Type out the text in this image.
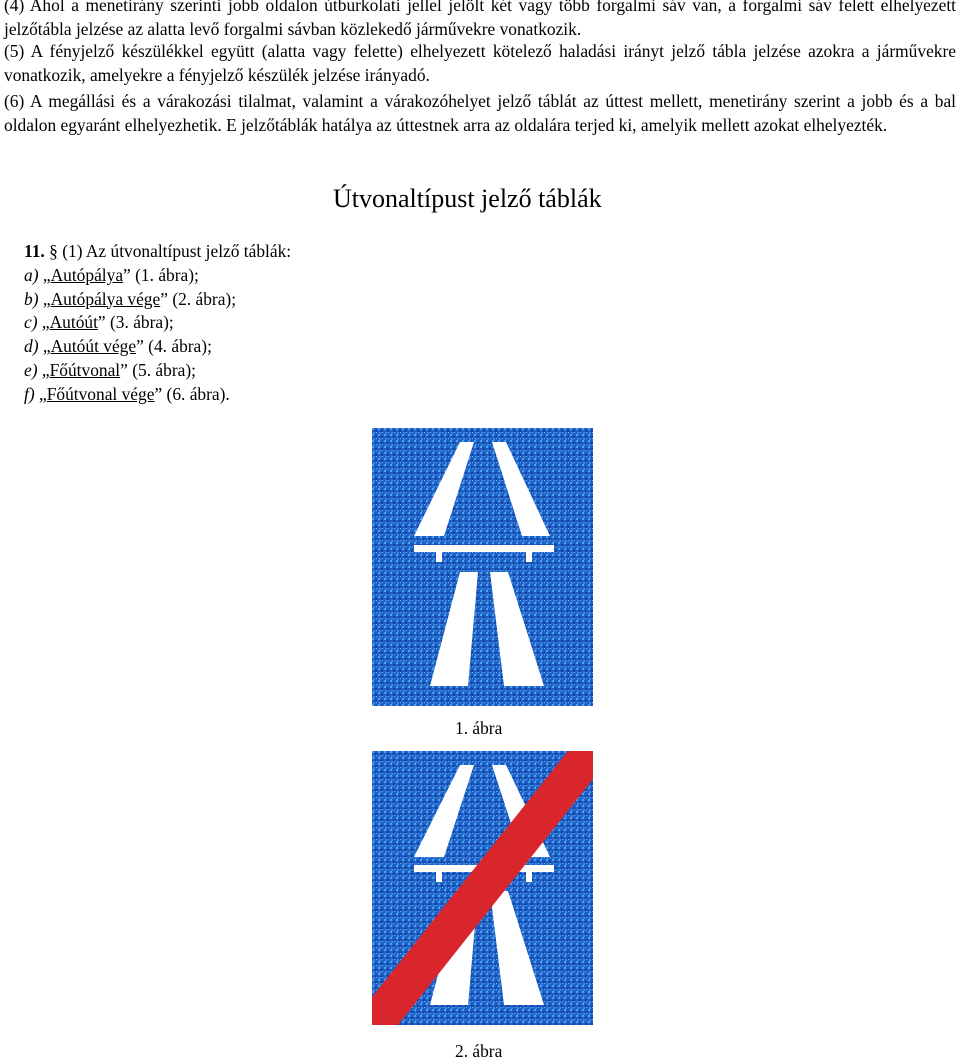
(4) Ahol a menetirány szerinti jobb oldalon útburkolati jellel jelölt két vagy több forgalmi sáv van, a forgalmi sáv felett elhelyezett jelzőtábla jelzése az alatta levő forgalmi sávban közlekedő járművekre vonatkozik.

(5) A fényjelző készülékkel együtt (alatta vagy felette) elhelyezett kötelező haladási irányt jelző tábla jelzése azokra a járművekre vonatkozik, amelyekre a fényjelző készülék jelzése irányadó.

(6) A megállási és a várakozási tilalmat, valamint a várakozóhelyet jelző táblát az úttest mellett, menetirány szerint a jobb és a bal oldalon egyaránt elhelyezhetik. E jelzőtáblák hatálya az úttestnek arra az oldalára terjed ki, amelyik mellett azokat elhelyezték.

Útvonaltípust jelző táblák
11. § (1) Az útvonaltípust jelző táblák:
a) „Autópálya” (1. ábra);
b) „Autópálya vége” (2. ábra);
c) „Autóút” (3. ábra);
d) „Autóút vége” (4. ábra);
e) „Főútvonal” (5. ábra);
f) „Főútvonal vége” (6. ábra).
1. ábra
2. ábra
